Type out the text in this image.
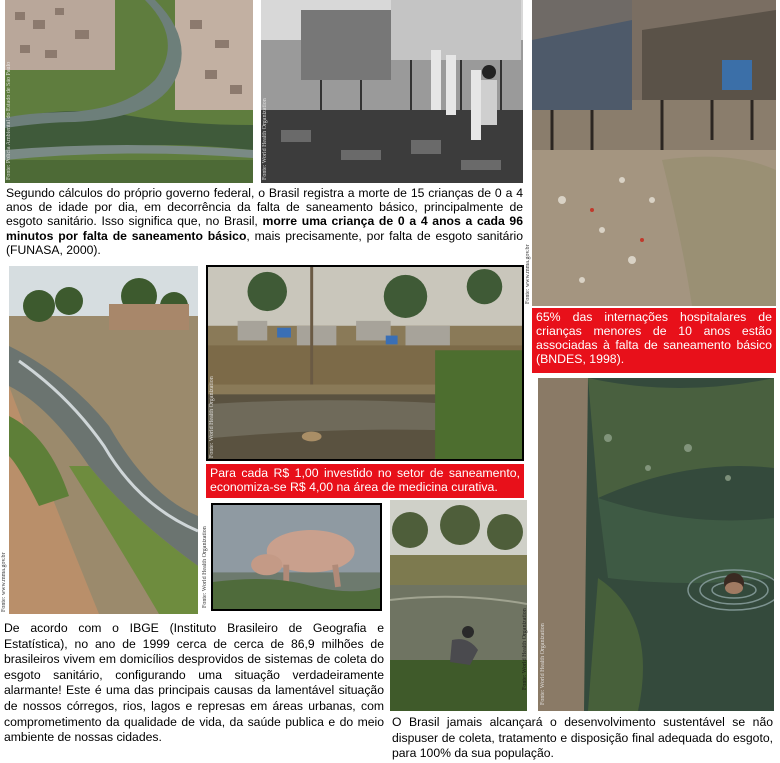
Fonte: Polícia Ambiental do Estado de São Paulo	Fonte: World Health Organization
Segundo cálculos do próprio governo federal, o Brasil registra a morte de 15 crianças de 0 a 4 anos de idade por dia, em decorrência da falta de saneamento básico, principalmente de esgoto sanitário. Isso significa que, no Brasil, morre uma criança de 0 a 4 anos a cada 96 minutos por falta de saneamento básico, mais precisamente, por falta de esgoto sanitário (FUNASA, 2000).	Fonte: www.mma.gov.br
65% das internações hospitalares de crianças menores de 10 anos estão associadas à falta de saneamento básico (BNDES, 1998).
Fonte: www.mma.gov.br
Fonte: World Health Organization
Para cada R$ 1,00 investido no setor de saneamento, economiza-se R$ 4,00 na área de medicina curativa.
Fonte: World Health Organization
Fonte: World Health Organization Fonte: World Health Organization
De acordo com o IBGE (Instituto Brasileiro de Geografia e Estatística), no ano de 1999 cerca de cerca de 86,9 milhões de brasileiros vivem em domicílios desprovidos de sistemas de coleta do esgoto sanitário, configurando uma situação verdadeiramente alarmante! Este é uma das principais causas da lamentável situação de nossos córregos, rios, lagos e represas em áreas urbanas, com comprometimento da qualidade de vida, da saúde publica e do meio ambiente de nossas cidades.
O Brasil jamais alcançará o desenvolvimento sustentável se não dispuser de coleta, tratamento e disposição final adequada do esgoto, para 100% da sua população.
